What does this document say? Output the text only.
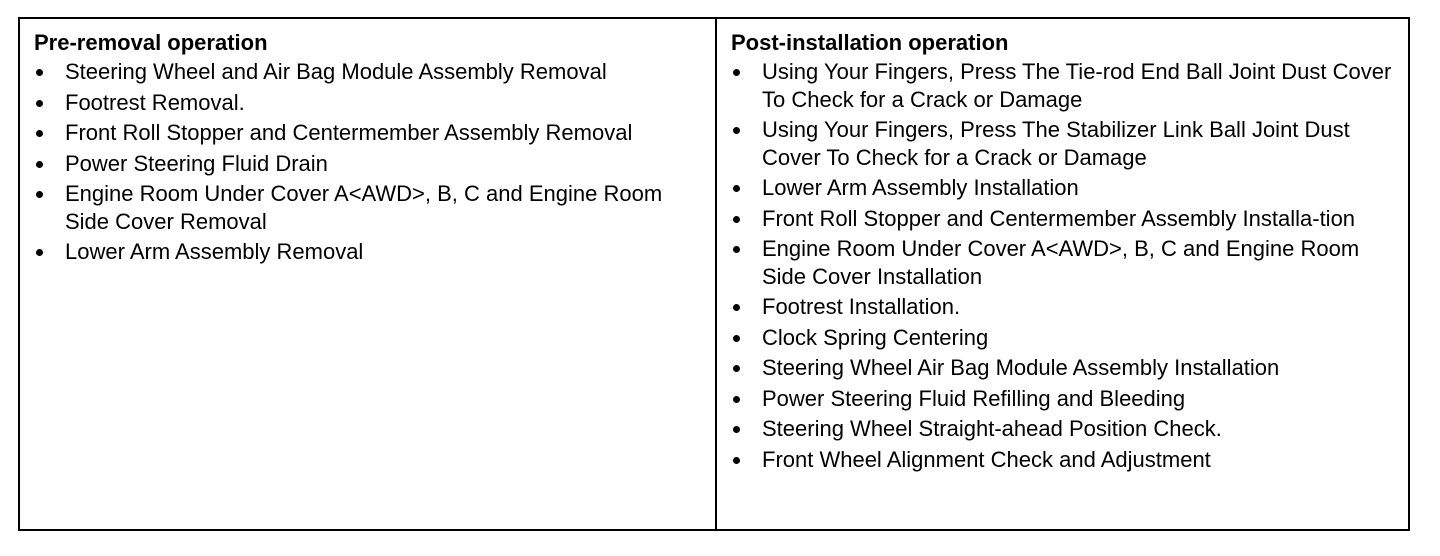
Pre-removal operation
Steering Wheel and Air Bag Module Assembly Removal
Footrest Removal.
Front Roll Stopper and Centermember Assembly Removal
Power Steering Fluid Drain
Engine Room Under Cover A<AWD>, B, C and Engine Room Side Cover Removal
Lower Arm Assembly Removal
Post-installation operation
Using Your Fingers, Press The Tie-rod End Ball Joint Dust Cover To Check for a Crack or Damage
Using Your Fingers, Press The Stabilizer Link Ball Joint Dust Cover To Check for a Crack or Damage
Lower Arm Assembly Installation
Front Roll Stopper and Centermember Assembly Installa-tion
Engine Room Under Cover A<AWD>, B, C and Engine Room Side Cover Installation
Footrest Installation.
Clock Spring Centering
Steering Wheel Air Bag Module Assembly Installation
Power Steering Fluid Refilling and Bleeding
Steering Wheel Straight-ahead Position Check.
Front Wheel Alignment Check and Adjustment
